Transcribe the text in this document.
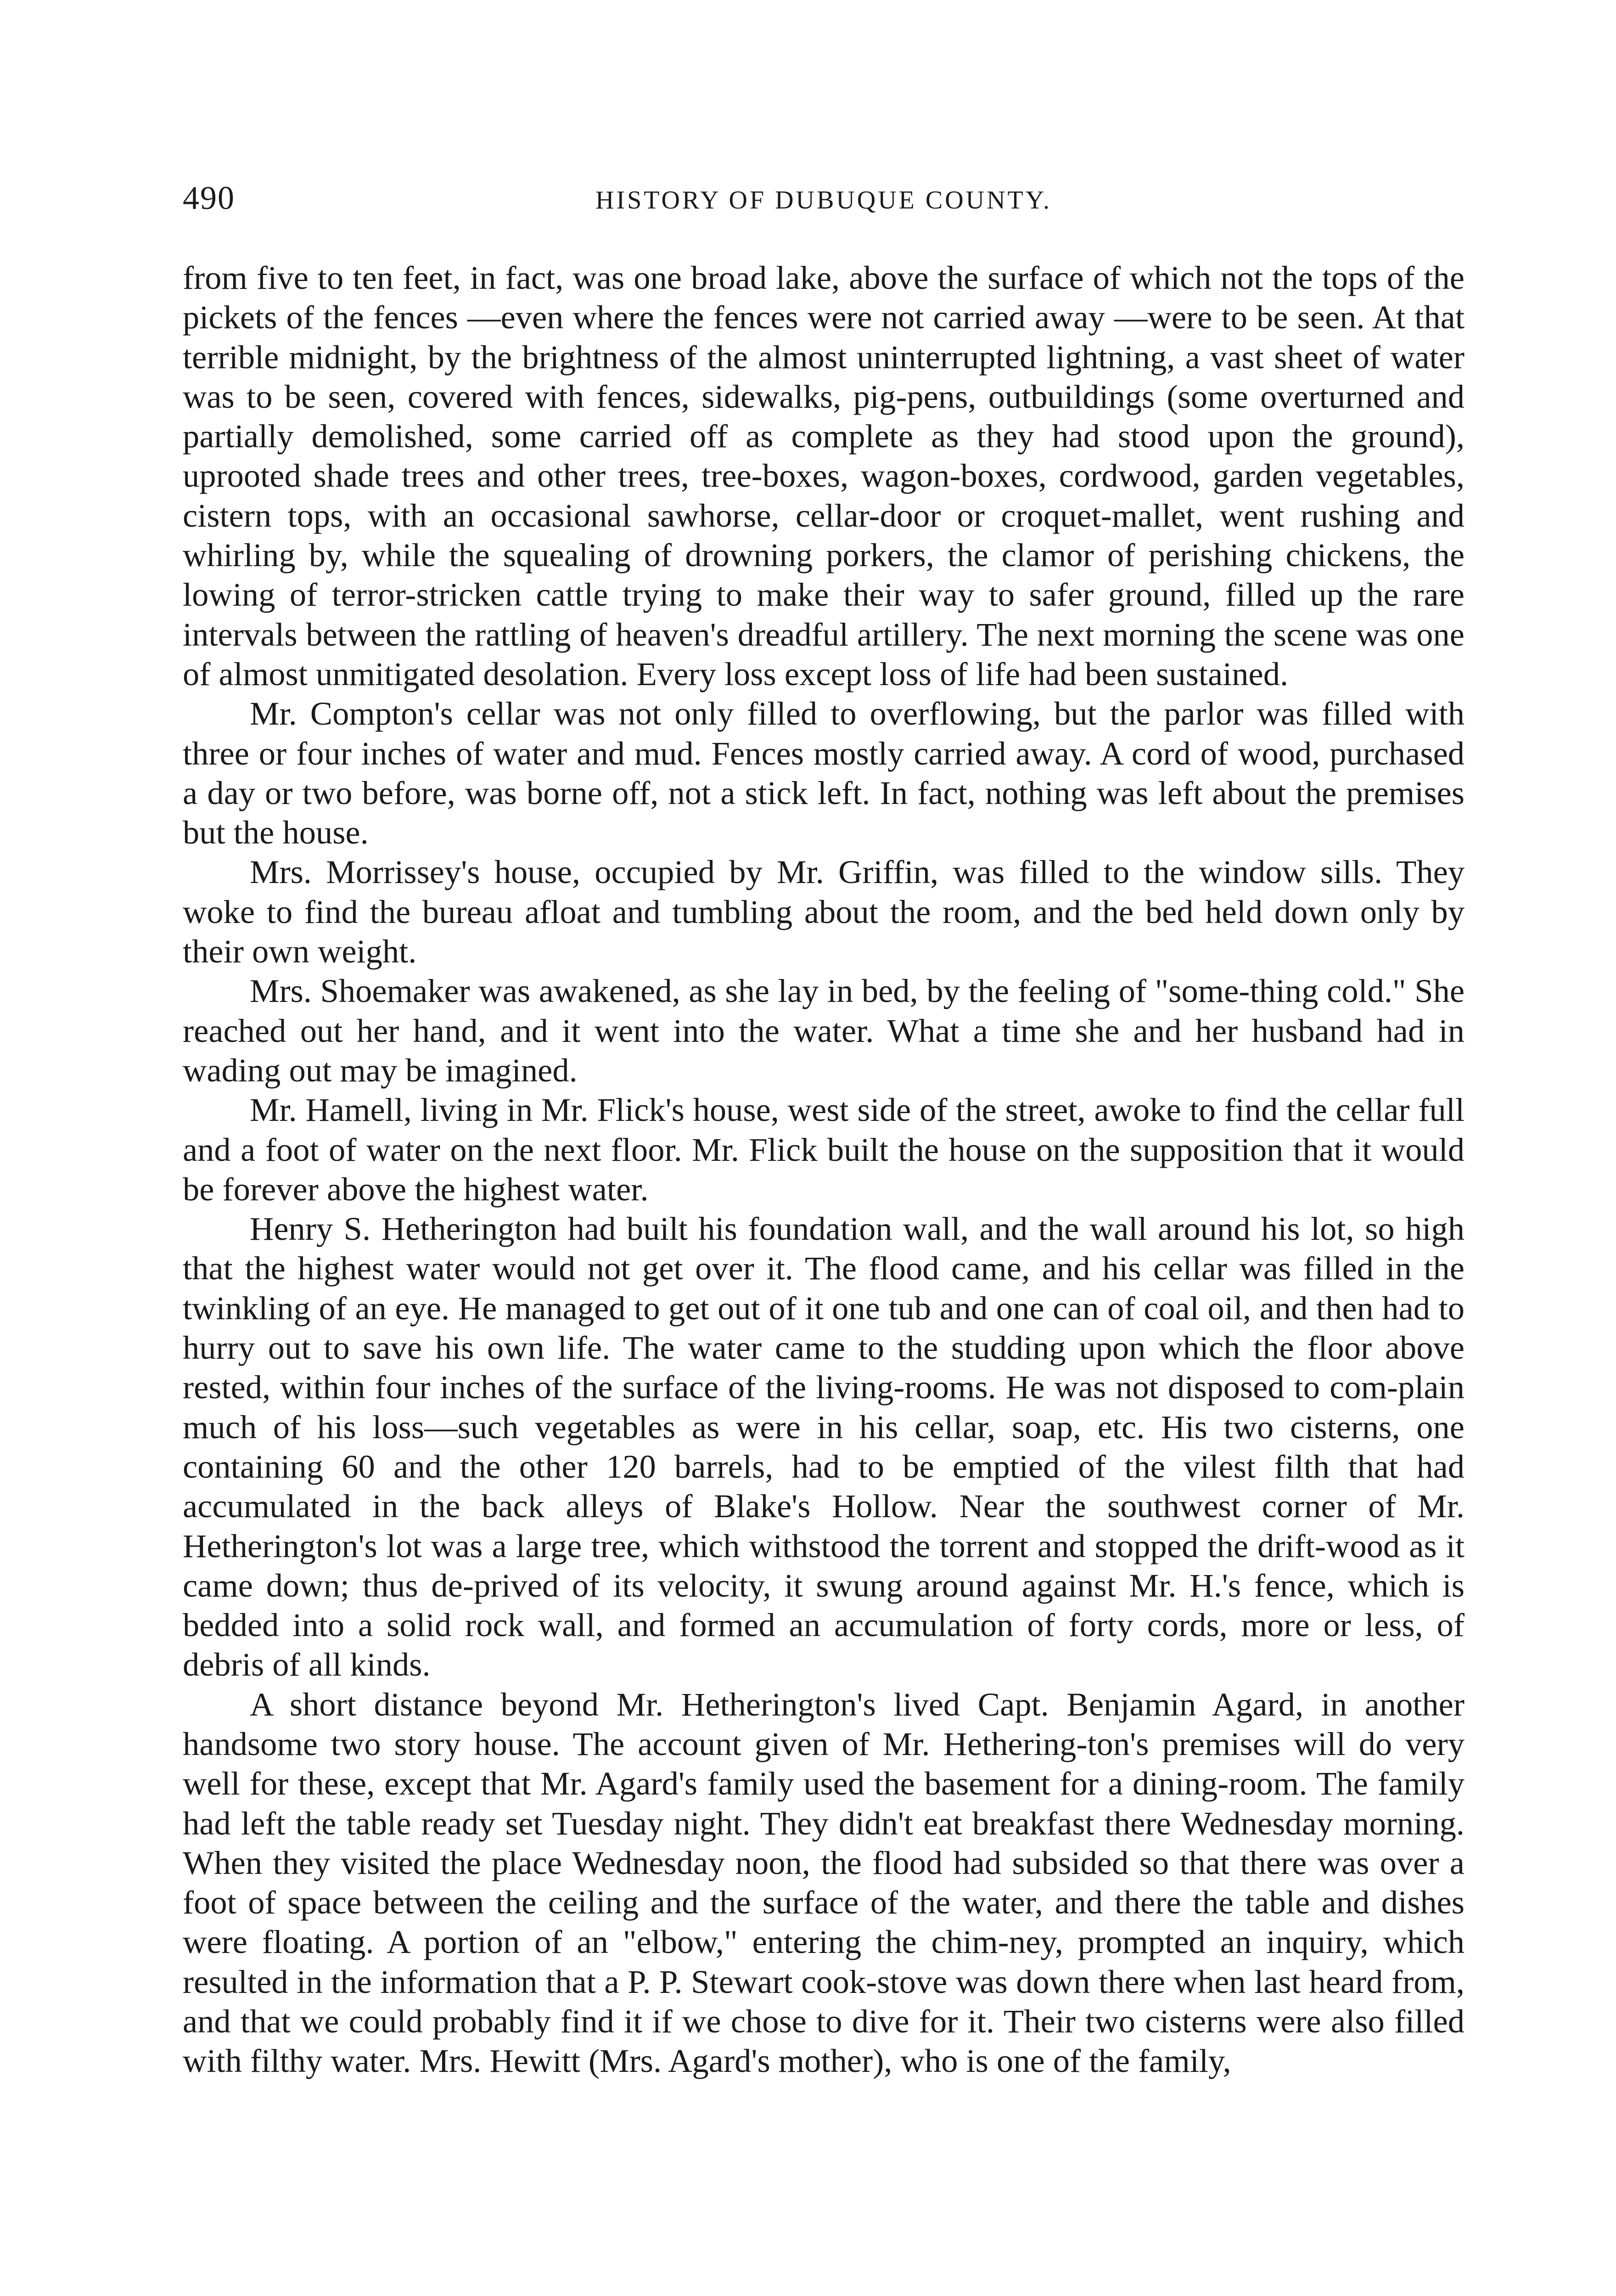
490	HISTORY OF DUBUQUE COUNTY.

from five to ten feet, in fact, was one broad lake, above the surface of which not the tops of the pickets of the fences —even where the fences were not carried away —were to be seen. At that terrible midnight, by the brightness of the almost uninterrupted lightning, a vast sheet of water was to be seen, covered with fences, sidewalks, pig-pens, outbuildings (some overturned and partially demolished, some carried off as complete as they had stood upon the ground), uprooted shade trees and other trees, tree-boxes, wagon-boxes, cordwood, garden vegetables, cistern tops, with an occasional sawhorse, cellar-door or croquet-mallet, went rushing and whirling by, while the squealing of drowning porkers, the clamor of perishing chickens, the lowing of terror-stricken cattle trying to make their way to safer ground, filled up the rare intervals between the rattling of heaven's dreadful artillery. The next morning the scene was one of almost unmitigated desolation. Every loss except loss of life had been sustained.

Mr. Compton's cellar was not only filled to overflowing, but the parlor was filled with three or four inches of water and mud. Fences mostly carried away. A cord of wood, purchased a day or two before, was borne off, not a stick left. In fact, nothing was left about the premises but the house.

Mrs. Morrissey's house, occupied by Mr. Griffin, was filled to the window sills. They woke to find the bureau afloat and tumbling about the room, and the bed held down only by their own weight.

Mrs. Shoemaker was awakened, as she lay in bed, by the feeling of "some-thing cold." She reached out her hand, and it went into the water. What a time she and her husband had in wading out may be imagined.

Mr. Hamell, living in Mr. Flick's house, west side of the street, awoke to find the cellar full and a foot of water on the next floor. Mr. Flick built the house on the supposition that it would be forever above the highest water.

Henry S. Hetherington had built his foundation wall, and the wall around his lot, so high that the highest water would not get over it. The flood came, and his cellar was filled in the twinkling of an eye. He managed to get out of it one tub and one can of coal oil, and then had to hurry out to save his own life. The water came to the studding upon which the floor above rested, within four inches of the surface of the living-rooms. He was not disposed to com-plain much of his loss—such vegetables as were in his cellar, soap, etc. His two cisterns, one containing 60 and the other 120 barrels, had to be emptied of the vilest filth that had accumulated in the back alleys of Blake's Hollow. Near the southwest corner of Mr. Hetherington's lot was a large tree, which withstood the torrent and stopped the drift-wood as it came down; thus de-prived of its velocity, it swung around against Mr. H.'s fence, which is bedded into a solid rock wall, and formed an accumulation of forty cords, more or less, of debris of all kinds.

A short distance beyond Mr. Hetherington's lived Capt. Benjamin Agard, in another handsome two story house. The account given of Mr. Hethering-ton's premises will do very well for these, except that Mr. Agard's family used the basement for a dining-room. The family had left the table ready set Tuesday night. They didn't eat breakfast there Wednesday morning. When they visited the place Wednesday noon, the flood had subsided so that there was over a foot of space between the ceiling and the surface of the water, and there the table and dishes were floating. A portion of an "elbow," entering the chim-ney, prompted an inquiry, which resulted in the information that a P. P. Stewart cook-stove was down there when last heard from, and that we could probably find it if we chose to dive for it. Their two cisterns were also filled with filthy water. Mrs. Hewitt (Mrs. Agard's mother), who is one of the family,
